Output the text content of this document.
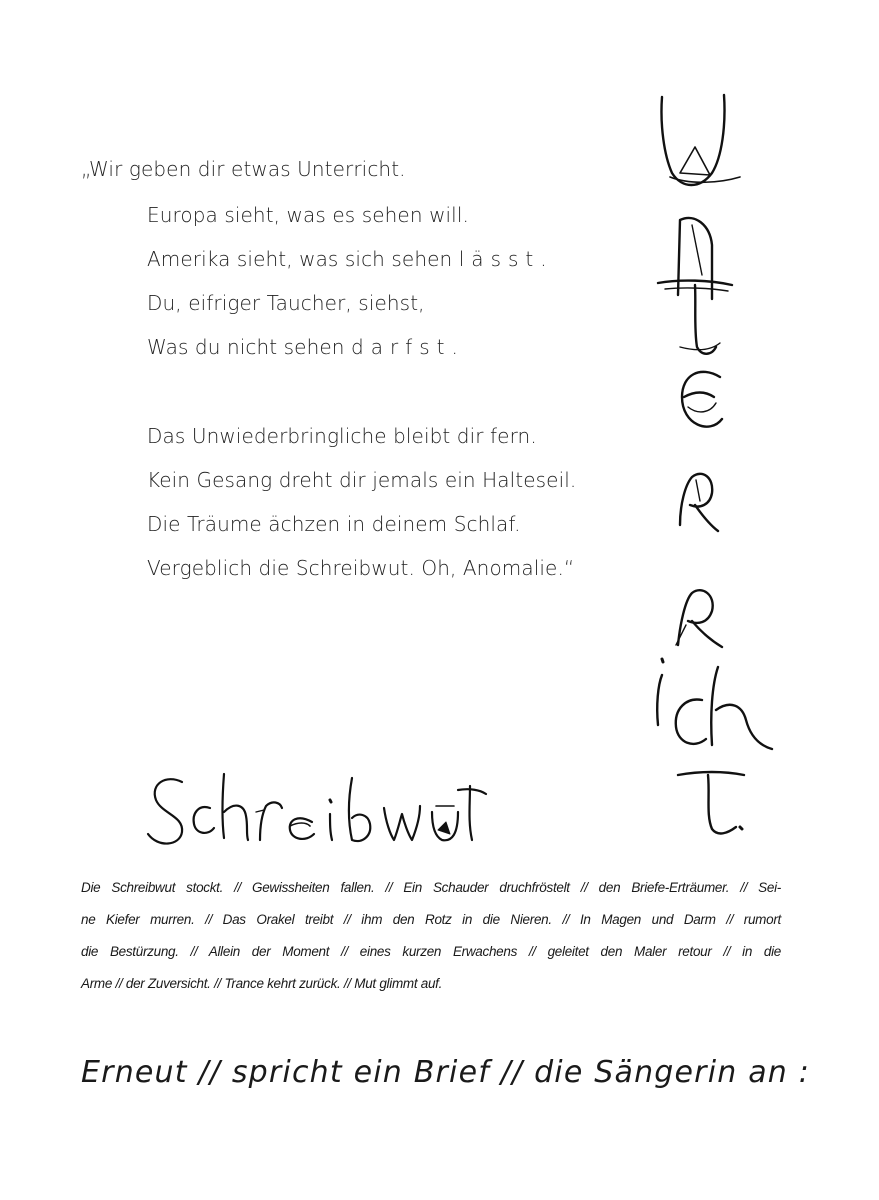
„Wir geben dir etwas Unterricht.
Europa sieht, was es sehen will.
Amerika sieht, was sich sehen lässt.
Du, eifriger Taucher, siehst,
Was du nicht sehen darfst.
Das Unwiederbringliche bleibt dir fern.
Kein Gesang dreht dir jemals ein Halteseil.
Die Träume ächzen in deinem Schlaf.
Vergeblich die Schreibwut. Oh, Anomalie.“
Die Schreibwut stockt. // Gewissheiten fallen. // Ein Schauder druchfröstelt // den Briefe-Erträumer. // Sei-
ne Kiefer murren. // Das Orakel treibt // ihm den Rotz in die Nieren. // In Magen und Darm // rumort
die Bestürzung. // Allein der Moment // eines kurzen Erwachens // geleitet den Maler retour // in die
Arme // der Zuversicht. // Trance kehrt zurück. // Mut glimmt auf.
Erneut // spricht ein Brief // die Sängerin an :
